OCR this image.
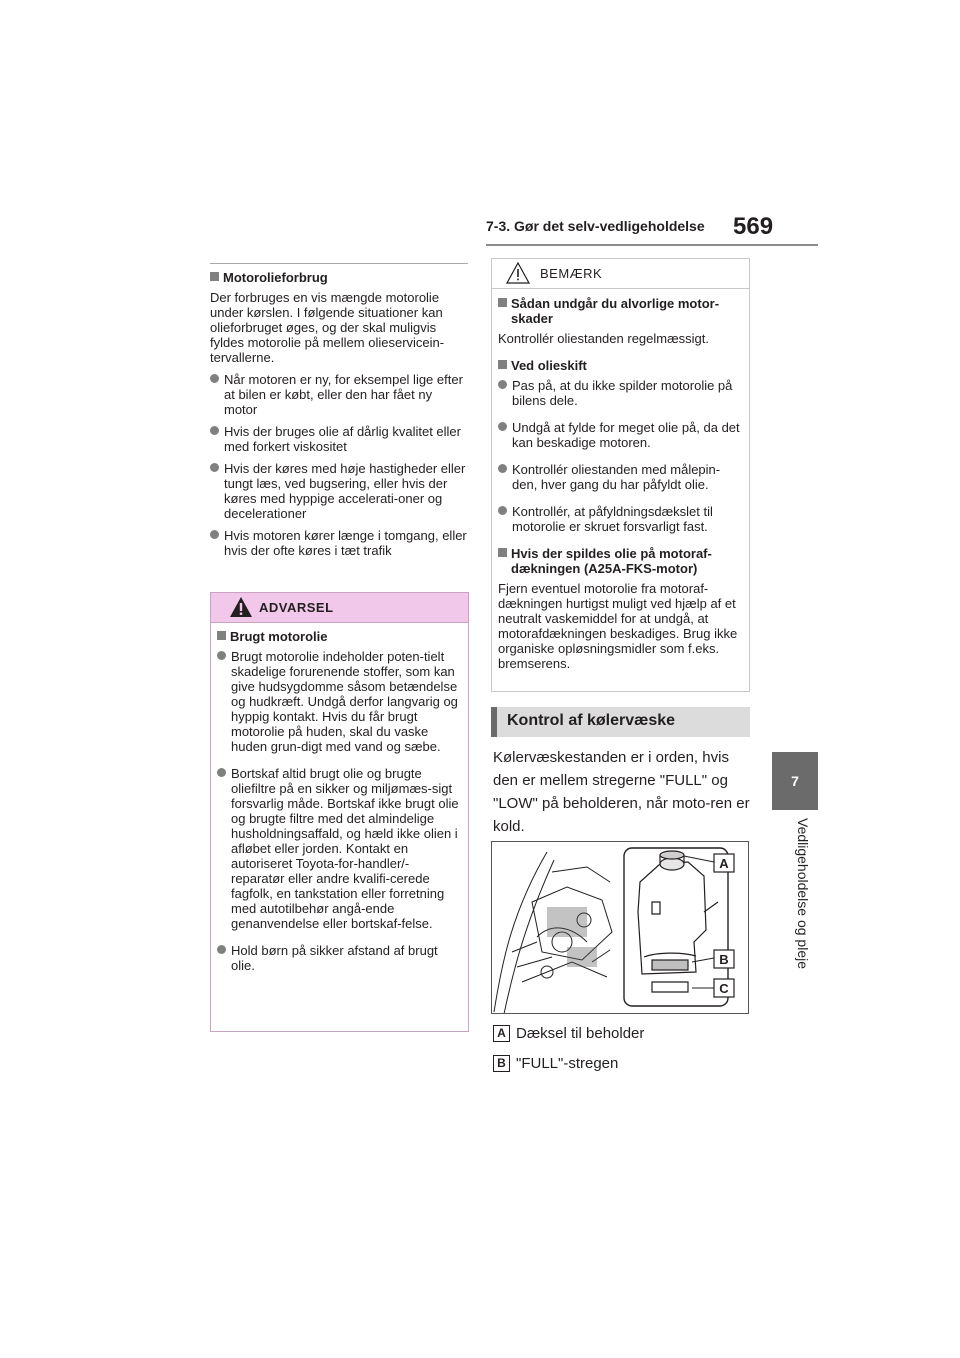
7-3. Gør det selv-vedligeholdelse 569
7
Vedligeholdelse og pleje
Motorolieforbrug
Der forbruges en vis mængde motorolie under kørslen. I følgende situationer kan olieforbruget øges, og der skal muligvis fyldes motorolie på mellem olieservicein-tervallerne.
Når motoren er ny, for eksempel lige efter at bilen er købt, eller den har fået ny motor
Hvis der bruges olie af dårlig kvalitet eller med forkert viskositet
Hvis der køres med høje hastigheder eller tungt læs, ved bugsering, eller hvis der køres med hyppige accelerati-oner og decelerationer
Hvis motoren kører længe i tomgang, eller hvis der ofte køres i tæt trafik
ADVARSEL
Brugt motorolie
Brugt motorolie indeholder poten-tielt skadelige forurenende stoffer, som kan give hudsygdomme såsom betændelse og hudkræft. Undgå derfor langvarig og hyppig kontakt. Hvis du får brugt motorolie på huden, skal du vaske huden grun-digt med vand og sæbe.
Bortskaf altid brugt olie og brugte oliefiltre på en sikker og miljømæs-sigt forsvarlig måde. Bortskaf ikke brugt olie og brugte filtre med det almindelige husholdningsaffald, og hæld ikke olien i afløbet eller jorden. Kontakt en autoriseret Toyota-for-handler/-reparatør eller andre kvalifi-cerede fagfolk, en tankstation eller forretning med autotilbehør angå-ende genanvendelse eller bortskaf-felse.
Hold børn på sikker afstand af brugt olie.
BEMÆRK
Sådan undgår du alvorlige motor-skader
Kontrollér oliestanden regelmæssigt.
Ved olieskift
Pas på, at du ikke spilder motorolie på bilens dele.
Undgå at fylde for meget olie på, da det kan beskadige motoren.
Kontrollér oliestanden med målepin-den, hver gang du har påfyldt olie.
Kontrollér, at påfyldningsdækslet til motorolie er skruet forsvarligt fast.
Hvis der spildes olie på motoraf-dækningen (A25A-FKS-motor)
Fjern eventuel motorolie fra motoraf-dækningen hurtigst muligt ved hjælp af et neutralt vaskemiddel for at undgå, at motorafdækningen beskadiges. Brug ikke organiske opløsningsmidler som f.eks. bremserens.
Kontrol af kølervæske
Kølervæskestanden er i orden, hvis den er mellem stregerne "FULL" og "LOW" på beholderen, når moto-ren er kold.
A
B
C
A Dæksel til beholder
B "FULL"-stregen
